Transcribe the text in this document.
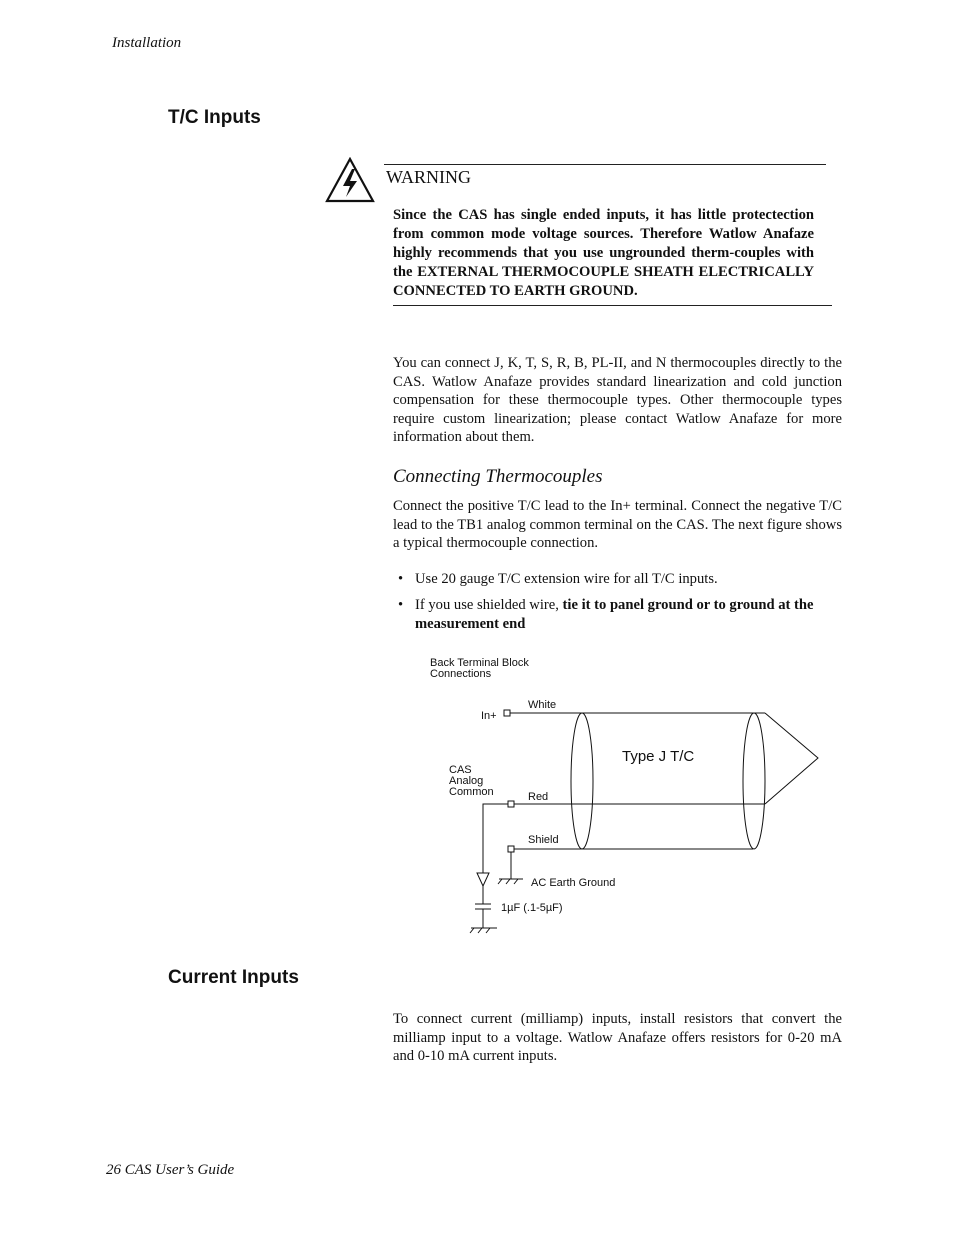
Installation
T/C Inputs
WARNING
Since the CAS has single ended inputs, it has little protectection from common mode voltage sources. Therefore Watlow Anafaze highly recommends that you use ungrounded therm-couples with the EXTERNAL THERMOCOUPLE SHEATH ELECTRICALLY CONNECTED TO EARTH GROUND.
You can connect J, K, T, S, R, B, PL-II, and N thermocouples directly to the CAS. Watlow Anafaze provides standard linearization and cold junction compensation for these thermocouple types. Other thermocouple types require custom linearization; please contact Watlow Anafaze for more information about them.
Connecting Thermocouples
Connect the positive T/C lead to the In+ terminal. Connect the negative T/C lead to the TB1 analog common terminal on the CAS. The next figure shows a typical thermocouple connection.
• Use 20 gauge T/C extension wire for all T/C inputs.
• If you use shielded wire, tie it to panel ground or to ground at the measurement end
Back Terminal Block
Connections
In+
White
Type J T/C
CAS
Analog
Common	Red
Shield
AC Earth Ground
1µF (.1-5µF)
Current Inputs
To connect current (milliamp) inputs, install resistors that convert the milliamp input to a voltage. Watlow Anafaze offers resistors for 0-20 mA and 0-10 mA current inputs.
26 CAS User’s Guide
